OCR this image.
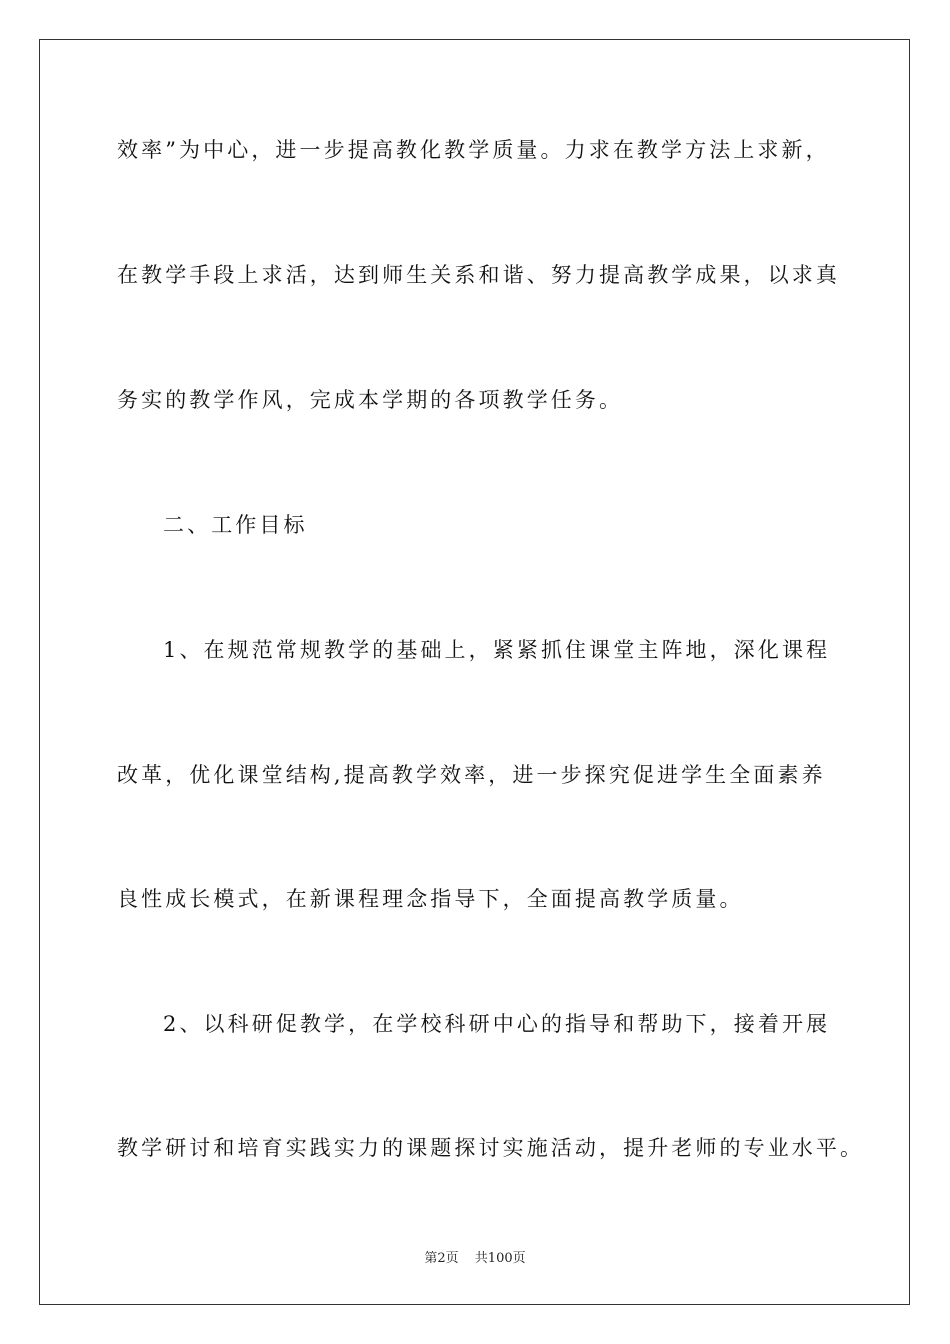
效率”为中心，进一步提高教化教学质量。力求在教学方法上求新，
在教学手段上求活，达到师生关系和谐、努力提高教学成果，以求真
务实的教学作风，完成本学期的各项教学任务。
二、工作目标
1、在规范常规教学的基础上，紧紧抓住课堂主阵地，深化课程
改革，优化课堂结构,提高教学效率，进一步探究促进学生全面素养
良性成长模式，在新课程理念指导下，全面提高教学质量。
2、以科研促教学，在学校科研中心的指导和帮助下，接着开展
教学研讨和培育实践实力的课题探讨实施活动，提升老师的专业水平。
第2页 共100页
